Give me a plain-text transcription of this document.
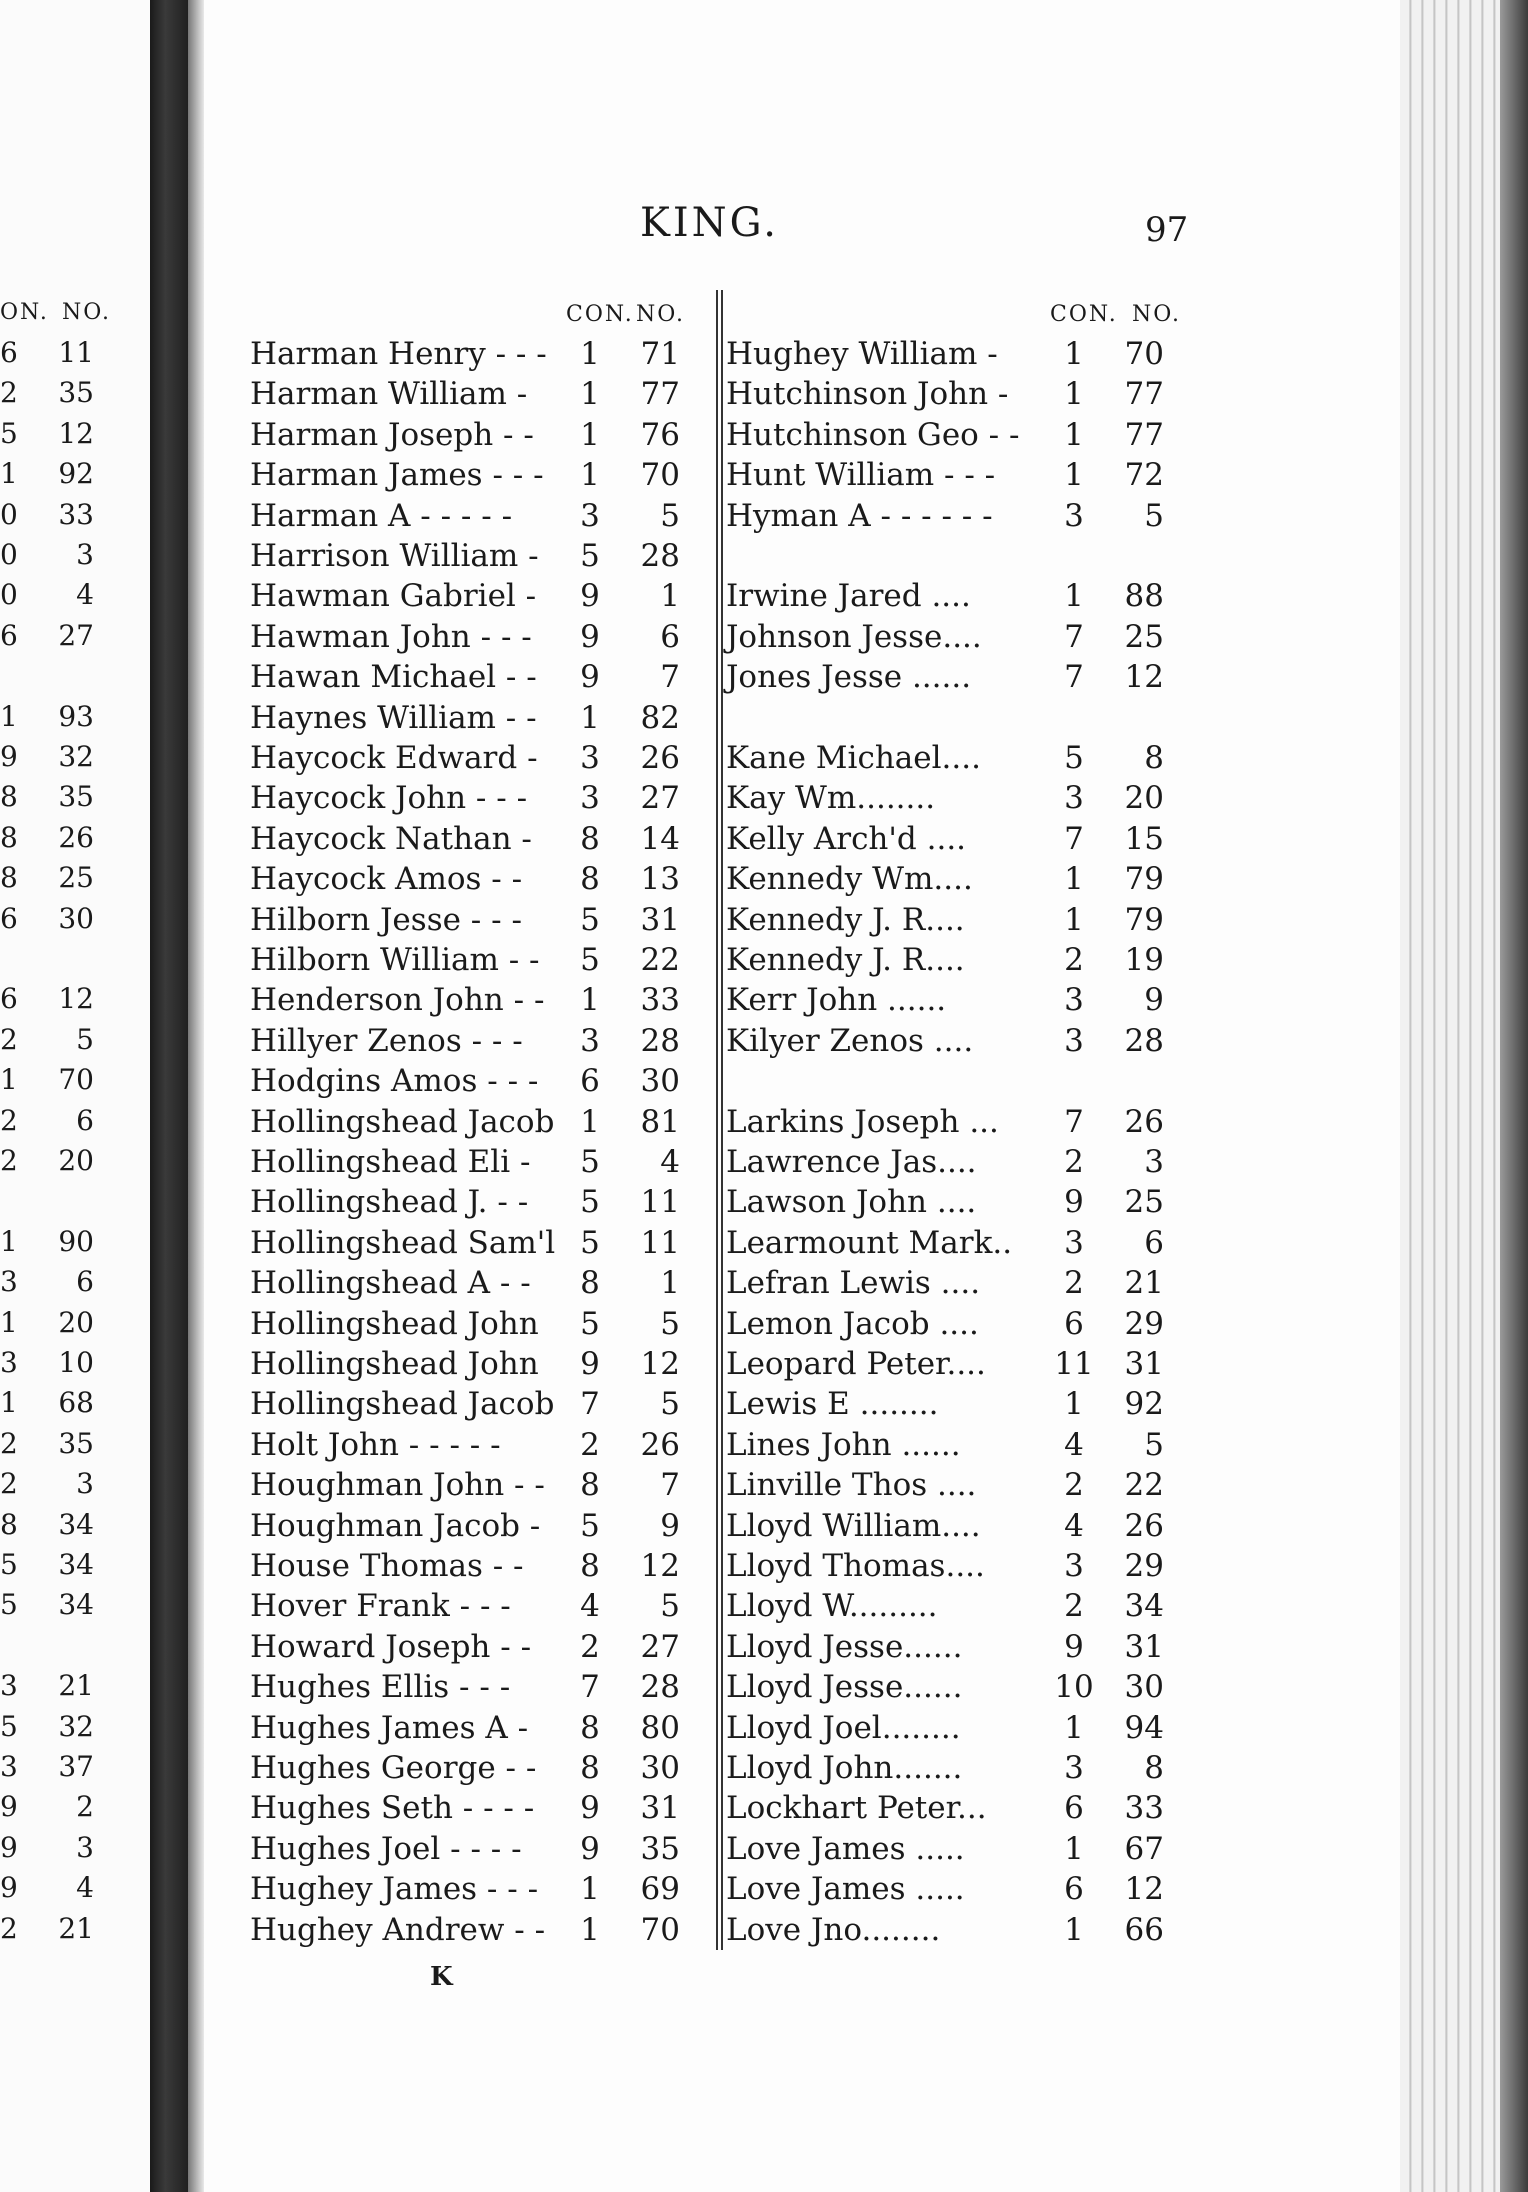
ON. NO.
6	11
2	35
5	12
1	92
0	33
0	3
0	4
6	27
1	93
9	32
8	35
8	26
8	25
6	30
6	12
2	5
1	70
2	6
2	20
1	90
3	6
1	20
3	10
1	68
2	35
2	3
8	34
5	34
5	34
3	21
5	32
3	37
9	2
9	3
9	4
2	21
KING.	97
CON. NO.	CON. NO.
Harman Henry - - -	1	71
Harman William -	1	77
Harman Joseph - -	1	76
Harman James - - -	1	70
Harman A - - - - -	3	5
Harrison William -	5	28
Hawman Gabriel -	9	1
Hawman John - - -	9	6
Hawan Michael - -	9	7
Haynes William - -	1	82
Haycock Edward -	3	26
Haycock John - - -	3	27
Haycock Nathan -	8	14
Haycock Amos - -	8	13
Hilborn Jesse - - -	5	31
Hilborn William - -	5	22
Henderson John - -	1	33
Hillyer Zenos - - -	3	28
Hodgins Amos - - -	6	30
Hollingshead Jacob 1	81
Hollingshead Eli -	5	4
Hollingshead J. - -	5	11
Hollingshead Sam'l 5	11
Hollingshead A - -	8	1
Hollingshead John	5	5
Hollingshead John	9	12
Hollingshead Jacob 7	5
Holt John - - - - -	2	26
Houghman John - -	8	7
Houghman Jacob -	5	9
House Thomas - -	8	12
Hover Frank - - -	4	5
Howard Joseph - -	2	27
Hughes Ellis - - -	7	28
Hughes James A -	8	80
Hughes George - -	8	30
Hughes Seth - - - -	9	31
Hughes Joel - - - -	9	35
Hughey James - - -	1	69
Hughey Andrew - -	1	70
Hughey William -	1	70
Hutchinson John -	1	77
Hutchinson Geo - -	1	77
Hunt William - - -	1	72
Hyman A - - - - - -	3	5
Irwine Jared ....	1	88
Johnson Jesse....	7	25
Jones Jesse ......	7	12
Kane Michael....	5	8
Kay Wm........	3	20
Kelly Arch'd ....	7	15
Kennedy Wm....	1	79
Kennedy J. R....	1	79
Kennedy J. R....	2	19
Kerr John ......	3	9
Kilyer Zenos ....	3	28
Larkins Joseph ...	7	26
Lawrence Jas....	2	3
Lawson John ....	9	25
Learmount Mark..	3	6
Lefran Lewis ....	2	21
Lemon Jacob ....	6	29
Leopard Peter.... 11 31
Lewis E ........	1	92
Lines John ......	4	5
Linville Thos ....	2	22
Lloyd William....	4	26
Lloyd Thomas....	3	29
Lloyd W.........	2	34
Lloyd Jesse......	9	31
Lloyd Jesse......	10 30
Lloyd Joel........	1	94
Lloyd John.......	3	8
Lockhart Peter...	6	33
Love James .....	1	67
Love James .....	6	12
Love Jno........	1	66
K
